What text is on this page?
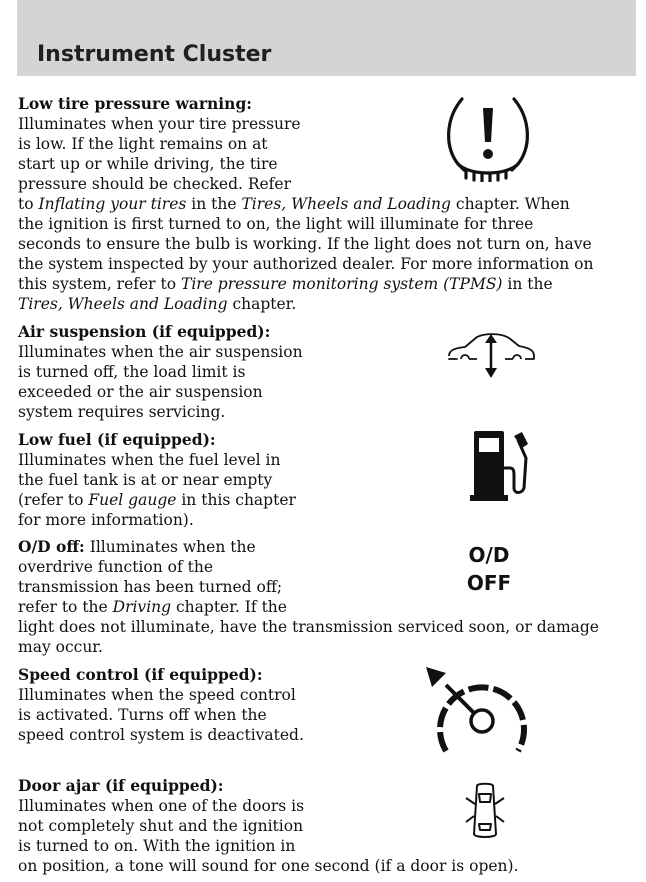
Instrument Cluster
Low tire pressure warning:
Illuminates when your tire pressure
is low. If the light remains on at
start up or while driving, the tire
pressure should be checked. Refer
to Inflating your tires in the Tires, Wheels and Loading chapter. When
the ignition is first turned to on, the light will illuminate for three
seconds to ensure the bulb is working. If the light does not turn on, have
the system inspected by your authorized dealer. For more information on
this system, refer to Tire pressure monitoring system (TPMS) in the
Tires, Wheels and Loading chapter.
Air suspension (if equipped):
Illuminates when the air suspension
is turned off, the load limit is
exceeded or the air suspension
system requires servicing.
Low fuel (if equipped):
Illuminates when the fuel level in
the fuel tank is at or near empty
(refer to Fuel gauge in this chapter
for more information).
O/D off: Illuminates when the
overdrive function of the
transmission has been turned off;
refer to the Driving chapter. If the
light does not illuminate, have the transmission serviced soon, or damage
may occur.
O/D
OFF
Speed control (if equipped):
Illuminates when the speed control
is activated. Turns off when the
speed control system is deactivated.
Door ajar (if equipped):
Illuminates when one of the doors is
not completely shut and the ignition
is turned to on. With the ignition in
on position, a tone will sound for one second (if a door is open).
